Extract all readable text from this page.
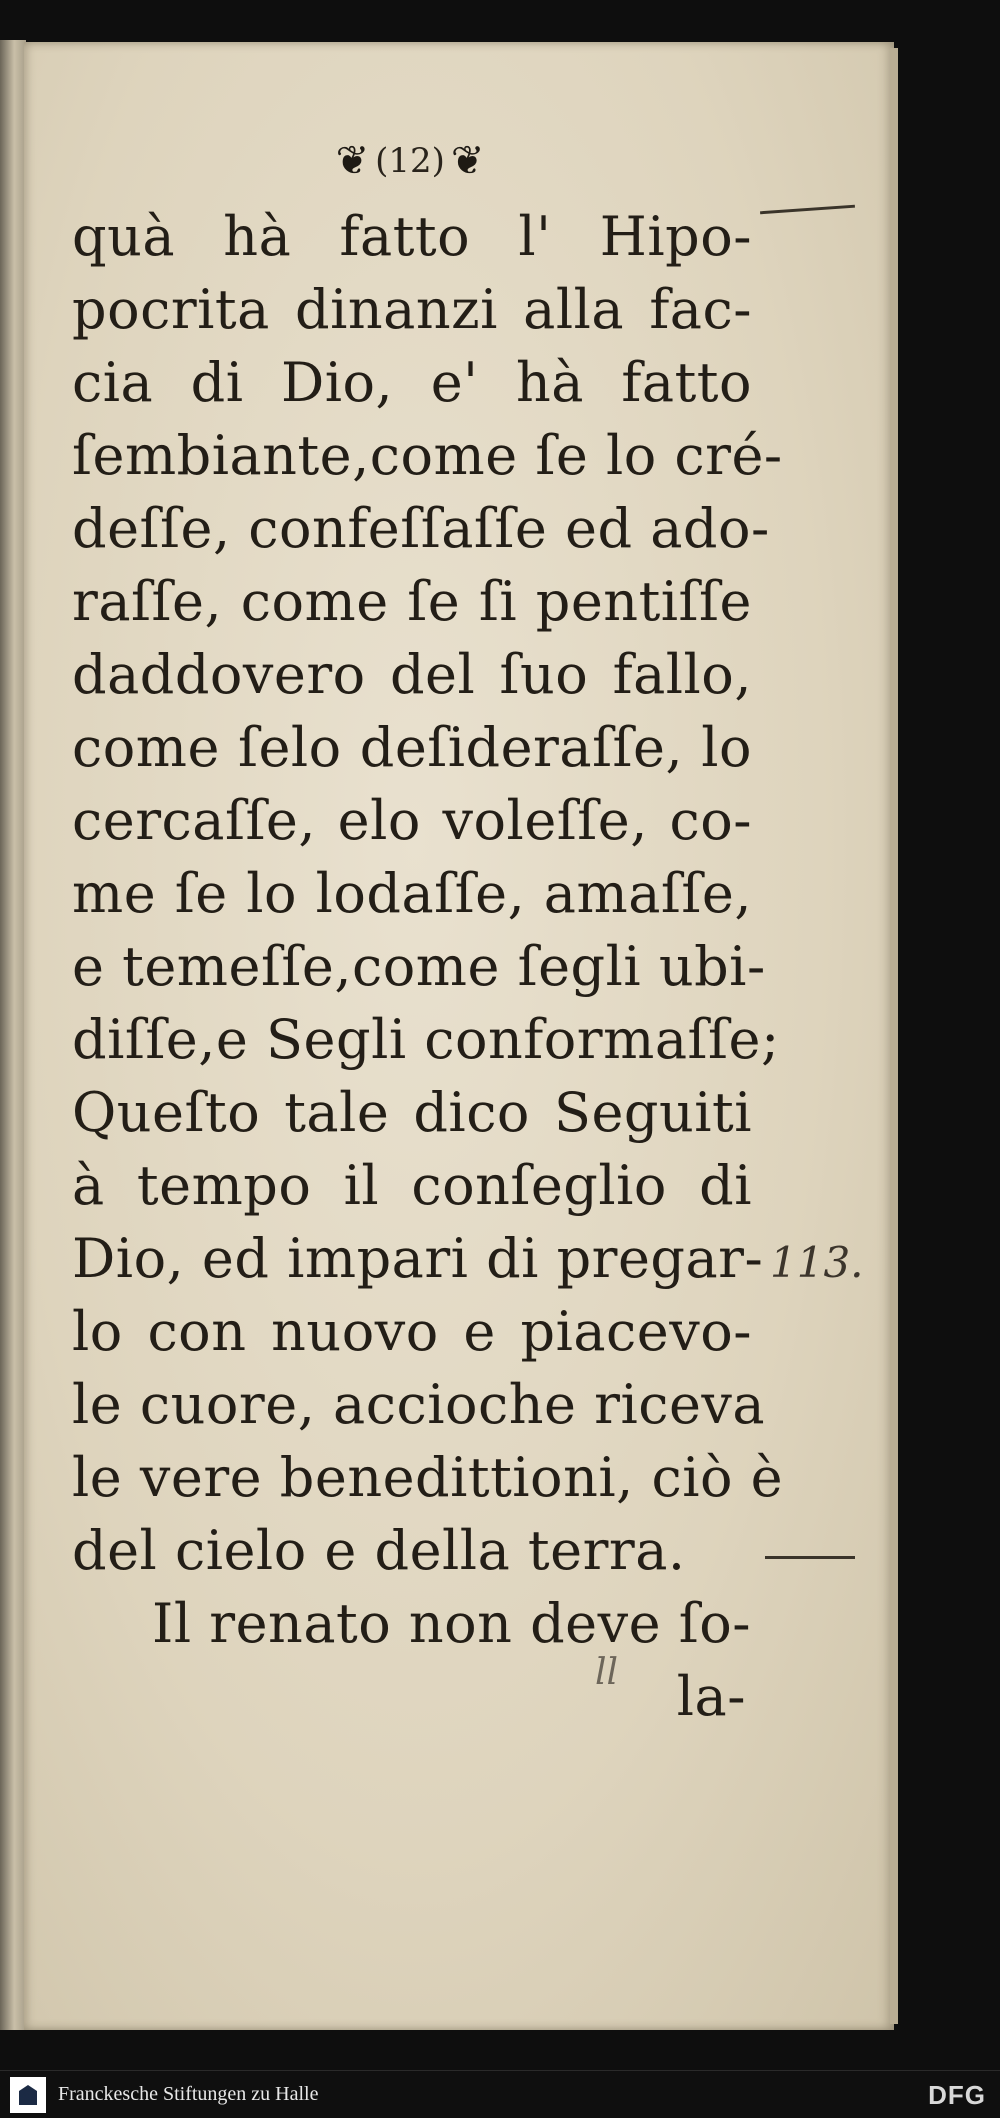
❦ (12) ❦
quà hà fatto l' Hipo-
pocrita dinanzi alla fac-
cia di Dio, e' hà fatto
ſembiante,come ſe lo cré-
deſſe, confeſſaſſe ed ado-
raſſe, come ſe ſi pentiſſe
daddovero del ſuo fallo,
come ſelo deſideraſſe, lo
cercaſſe, elo voleſſe, co-
me ſe lo lodaſſe, amaſſe,
e temeſſe,come ſegli ubi-
diſſe,e Segli conformaſſe;
Queſto tale dico Seguiti
à tempo il conſeglio di
Dio, ed impari di pregar-
lo con nuovo e piacevo-
le cuore, accioche riceva
le vere benedittioni, ciò è
del cielo e della terra.
Il renato non deve ſo-
la-
113.
ll
Franckesche Stiftungen zu Halle	DFG
